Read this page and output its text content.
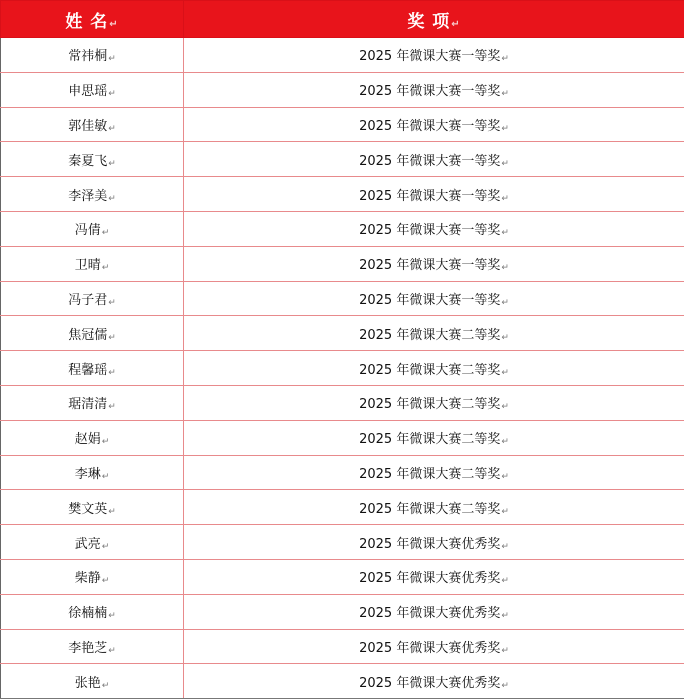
姓 名↵	奖 项↵
常祎桐↵	2025 年微课大赛一等奖↵
申思瑶↵	2025 年微课大赛一等奖↵
郭佳敏↵	2025 年微课大赛一等奖↵
秦夏飞↵	2025 年微课大赛一等奖↵
李泽美↵	2025 年微课大赛一等奖↵
冯倩↵	2025 年微课大赛一等奖↵
卫晴↵	2025 年微课大赛一等奖↵
冯子君↵	2025 年微课大赛一等奖↵
焦冠儒↵	2025 年微课大赛二等奖↵
程馨瑶↵	2025 年微课大赛二等奖↵
琚清清↵	2025 年微课大赛二等奖↵
赵娟↵	2025 年微课大赛二等奖↵
李琳↵	2025 年微课大赛二等奖↵
樊文英↵	2025 年微课大赛二等奖↵
武亮↵	2025 年微课大赛优秀奖↵
柴静↵	2025 年微课大赛优秀奖↵
徐楠楠↵	2025 年微课大赛优秀奖↵
李艳芝↵	2025 年微课大赛优秀奖↵
张艳↵	2025 年微课大赛优秀奖↵
